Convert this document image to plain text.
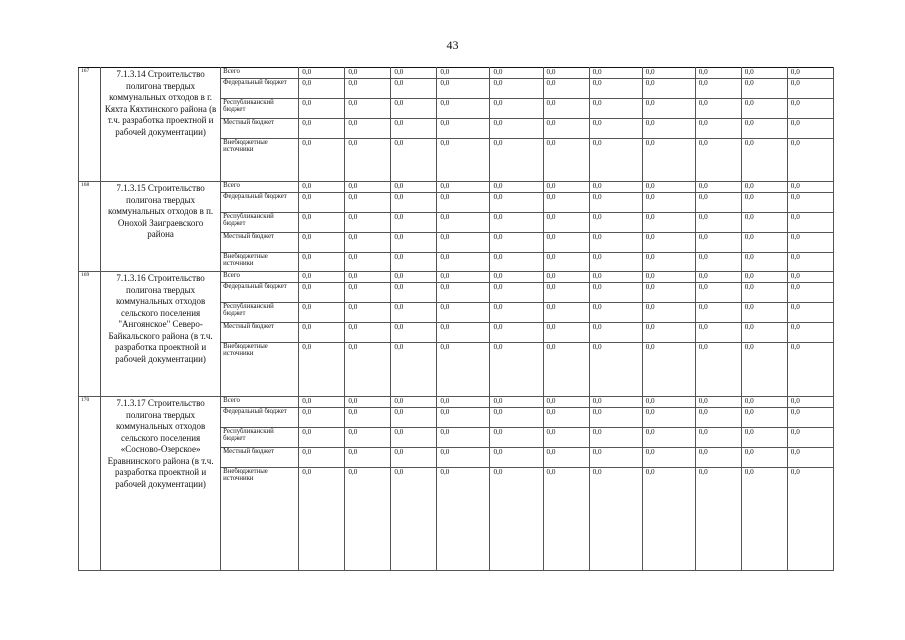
43
167	7.1.3.14 Строительство полигона твердых коммунальных отходов в г. Кяхта Кяхтинского района (в т.ч. разработка проектной и рабочей документации)	Всего	0,0	0,0	0,0	0,0	0,0	0,0	0,0	0,0	0,0	0,0	0,0
		Федеральный бюджет	0,0	0,0	0,0	0,0	0,0	0,0	0,0	0,0	0,0	0,0	0,0
		Республиканский бюджет	0,0	0,0	0,0	0,0	0,0	0,0	0,0	0,0	0,0	0,0	0,0
		Местный бюджет	0,0	0,0	0,0	0,0	0,0	0,0	0,0	0,0	0,0	0,0	0,0
		Внебюджетные источники	0,0	0,0	0,0	0,0	0,0	0,0	0,0	0,0	0,0	0,0	0,0
168	7.1.3.15 Строительство полигона твердых коммунальных отходов в п. Онохой Заиграевского района	Всего	0,0	0,0	0,0	0,0	0,0	0,0	0,0	0,0	0,0	0,0	0,0
		Федеральный бюджет	0,0	0,0	0,0	0,0	0,0	0,0	0,0	0,0	0,0	0,0	0,0
		Республиканский бюджет	0,0	0,0	0,0	0,0	0,0	0,0	0,0	0,0	0,0	0,0	0,0
		Местный бюджет	0,0	0,0	0,0	0,0	0,0	0,0	0,0	0,0	0,0	0,0	0,0
		Внебюджетные источники	0,0	0,0	0,0	0,0	0,0	0,0	0,0	0,0	0,0	0,0	0,0
169	7.1.3.16 Строительство полигона твердых коммунальных отходов сельского поселения "Ангоянское" Северо-Байкальского района (в т.ч. разработка проектной и рабочей документации)	Всего	0,0	0,0	0,0	0,0	0,0	0,0	0,0	0,0	0,0	0,0	0,0
		Федеральный бюджет	0,0	0,0	0,0	0,0	0,0	0,0	0,0	0,0	0,0	0,0	0,0
		Республиканский бюджет	0,0	0,0	0,0	0,0	0,0	0,0	0,0	0,0	0,0	0,0	0,0
		Местный бюджет	0,0	0,0	0,0	0,0	0,0	0,0	0,0	0,0	0,0	0,0	0,0
		Внебюджетные источники	0,0	0,0	0,0	0,0	0,0	0,0	0,0	0,0	0,0	0,0	0,0
170	7.1.3.17 Строительство полигона твердых коммунальных отходов сельского поселения «Сосново-Озерское» Еравнинского района (в т.ч. разработка проектной и рабочей документации)	Всего	0,0	0,0	0,0	0,0	0,0	0,0	0,0	0,0	0,0	0,0	0,0
		Федеральный бюджет	0,0	0,0	0,0	0,0	0,0	0,0	0,0	0,0	0,0	0,0	0,0
		Республиканский бюджет	0,0	0,0	0,0	0,0	0,0	0,0	0,0	0,0	0,0	0,0	0,0
		Местный бюджет	0,0	0,0	0,0	0,0	0,0	0,0	0,0	0,0	0,0	0,0	0,0
		Внебюджетные источники	0,0	0,0	0,0	0,0	0,0	0,0	0,0	0,0	0,0	0,0	0,0
